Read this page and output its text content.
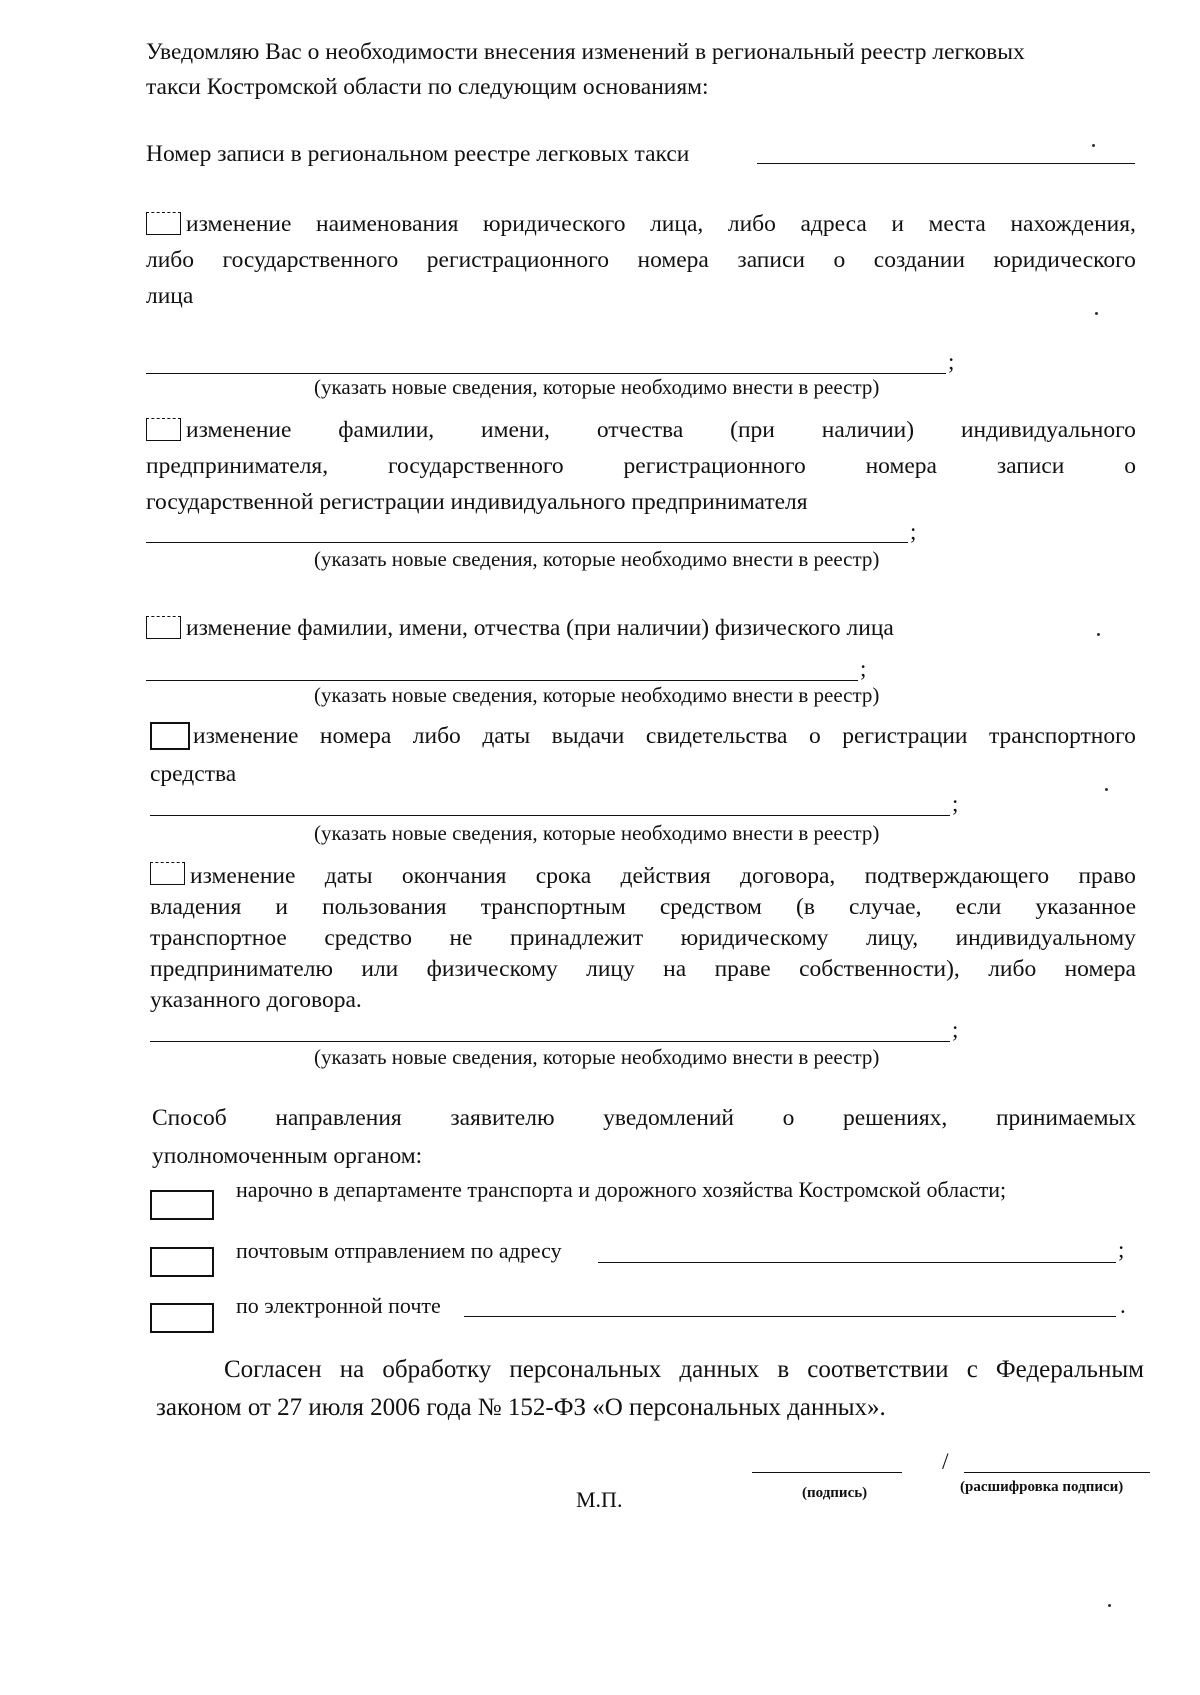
Уведомляю Вас о необходимости внесения изменений в региональный реестр легковых
такси Костромской области по следующим основаниям:
Номер записи в региональном реестре легковых такси
изменение наименования юридического лица, либо адреса и места нахождения,
либо государственного регистрационного номера записи о создании юридического
лица
;
(указать новые сведения, которые необходимо внести в реестр)
изменение фамилии, имени, отчества (при наличии) индивидуального
предпринимателя,	государственного	регистрационного	номера	записи	о
государственной регистрации индивидуального предпринимателя
;
(указать новые сведения, которые необходимо внести в реестр)
изменение фамилии, имени, отчества (при наличии) физического лица
;
(указать новые сведения, которые необходимо внести в реестр)
изменение номера либо даты выдачи свидетельства о регистрации транспортного
средства
;
(указать новые сведения, которые необходимо внести в реестр)
изменение даты окончания срока действия договора, подтверждающего право
владения и пользования транспортным средством (в случае, если указанное
транспортное средство не принадлежит юридическому лицу, индивидуальному
предпринимателю или физическому лицу на праве собственности), либо номера
указанного договора.
;
(указать новые сведения, которые необходимо внести в реестр)
Способ направления заявителю уведомлений о решениях, принимаемых
уполномоченным органом:
нарочно в департаменте транспорта и дорожного хозяйства Костромской области;
почтовым отправлением по адресу	;
по электронной почте	.
Согласен на обработку персональных данных в соответствии с Федеральным
законом от 27 июля 2006 года № 152-ФЗ «О персональных данных».
/
М.П.	(подпись)	(расшифровка подписи)
